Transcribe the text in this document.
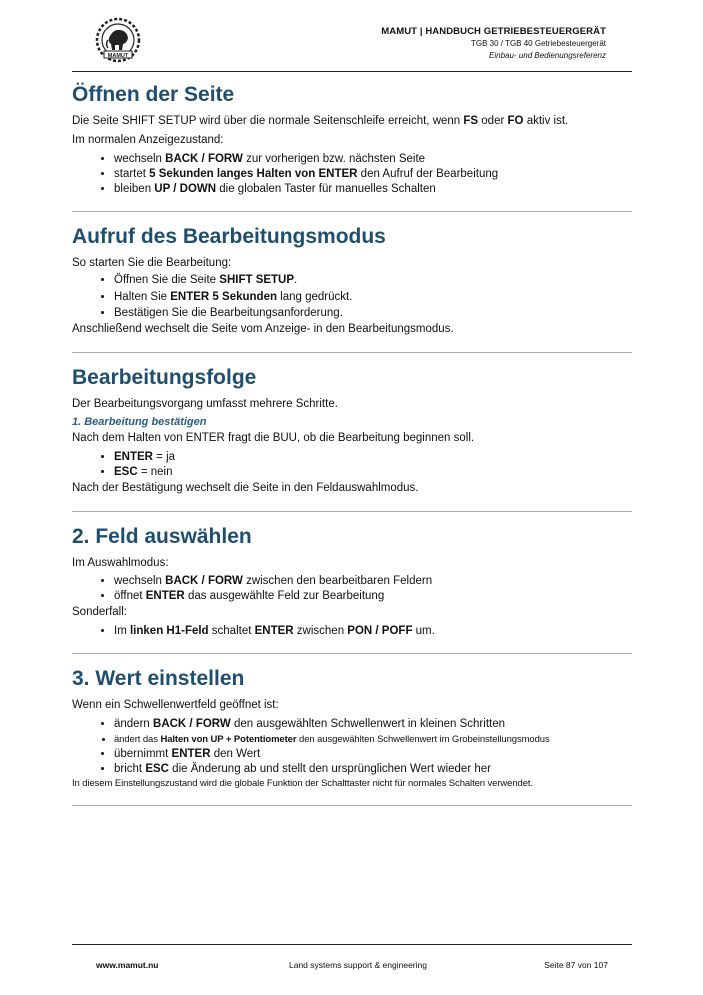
MAMUT
MAMUT | HANDBUCH GETRIEBESTEUERGERÄT
TGB 30 / TGB 40 Getriebesteuergerät
Einbau- und Bedienungsreferenz
Öffnen der Seite

Die Seite SHIFT SETUP wird über die normale Seitenschleife erreicht, wenn FS oder FO aktiv ist.

Im normalen Anzeigezustand:

• wechseln BACK / FORW zur vorherigen bzw. nächsten Seite
• startet 5 Sekunden langes Halten von ENTER den Aufruf der Bearbeitung
• bleiben UP / DOWN die globalen Taster für manuelles Schalten
Aufruf des Bearbeitungsmodus

So starten Sie die Bearbeitung:

• Öffnen Sie die Seite SHIFT SETUP.
• Halten Sie ENTER 5 Sekunden lang gedrückt.
• Bestätigen Sie die Bearbeitungsanforderung.

Anschließend wechselt die Seite vom Anzeige- in den Bearbeitungsmodus.

Bearbeitungsfolge

Der Bearbeitungsvorgang umfasst mehrere Schritte.

1. Bearbeitung bestätigen

Nach dem Halten von ENTER fragt die BUU, ob die Bearbeitung beginnen soll.

• ENTER = ja
• ESC = nein

Nach der Bestätigung wechselt die Seite in den Feldauswahlmodus.

2. Feld auswählen

Im Auswahlmodus:

• wechseln BACK / FORW zwischen den bearbeitbaren Feldern
• öffnet ENTER das ausgewählte Feld zur Bearbeitung

Sonderfall:

• Im linken H1-Feld schaltet ENTER zwischen PON / POFF um.
3. Wert einstellen

Wenn ein Schwellenwertfeld geöffnet ist:

• ändern BACK / FORW den ausgewählten Schwellenwert in kleinen Schritten
• ändert das Halten von UP + Potentiometer den ausgewählten Schwellenwert im Grobeinstellungsmodus
• übernimmt ENTER den Wert
• bricht ESC die Änderung ab und stellt den ursprünglichen Wert wieder her

In diesem Einstellungszustand wird die globale Funktion der Schalttaster nicht für normales Schalten verwendet.

www.mamut.nu	Land systems support & engineering	Seite 87 von 107
